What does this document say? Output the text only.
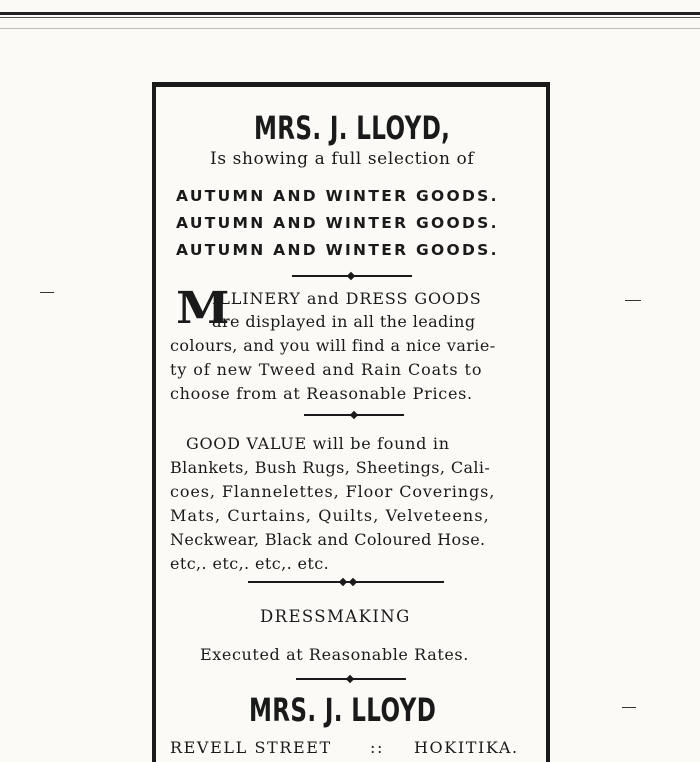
MRS. J. LLOYD,
Is showing a full selection of
AUTUMN AND WINTER GOODS.
AUTUMN AND WINTER GOODS.
AUTUMN AND WINTER GOODS.
M
ILLINERY and DRESS GOODS
are displayed in all the leading
colours, and you will find a nice varie-
ty of new Tweed and Rain Coats to
choose from at Reasonable Prices.
GOOD VALUE will be found in
Blankets, Bush Rugs, Sheetings, Cali-
coes, Flannelettes, Floor Coverings,
Mats, Curtains, Quilts, Velveteens,
Neckwear, Black and Coloured Hose.
etc,. etc,. etc,. etc.
DRESSMAKING
Executed at Reasonable Rates.
MRS. J. LLOYD
REVELL STREET :: HOKITIKA.
